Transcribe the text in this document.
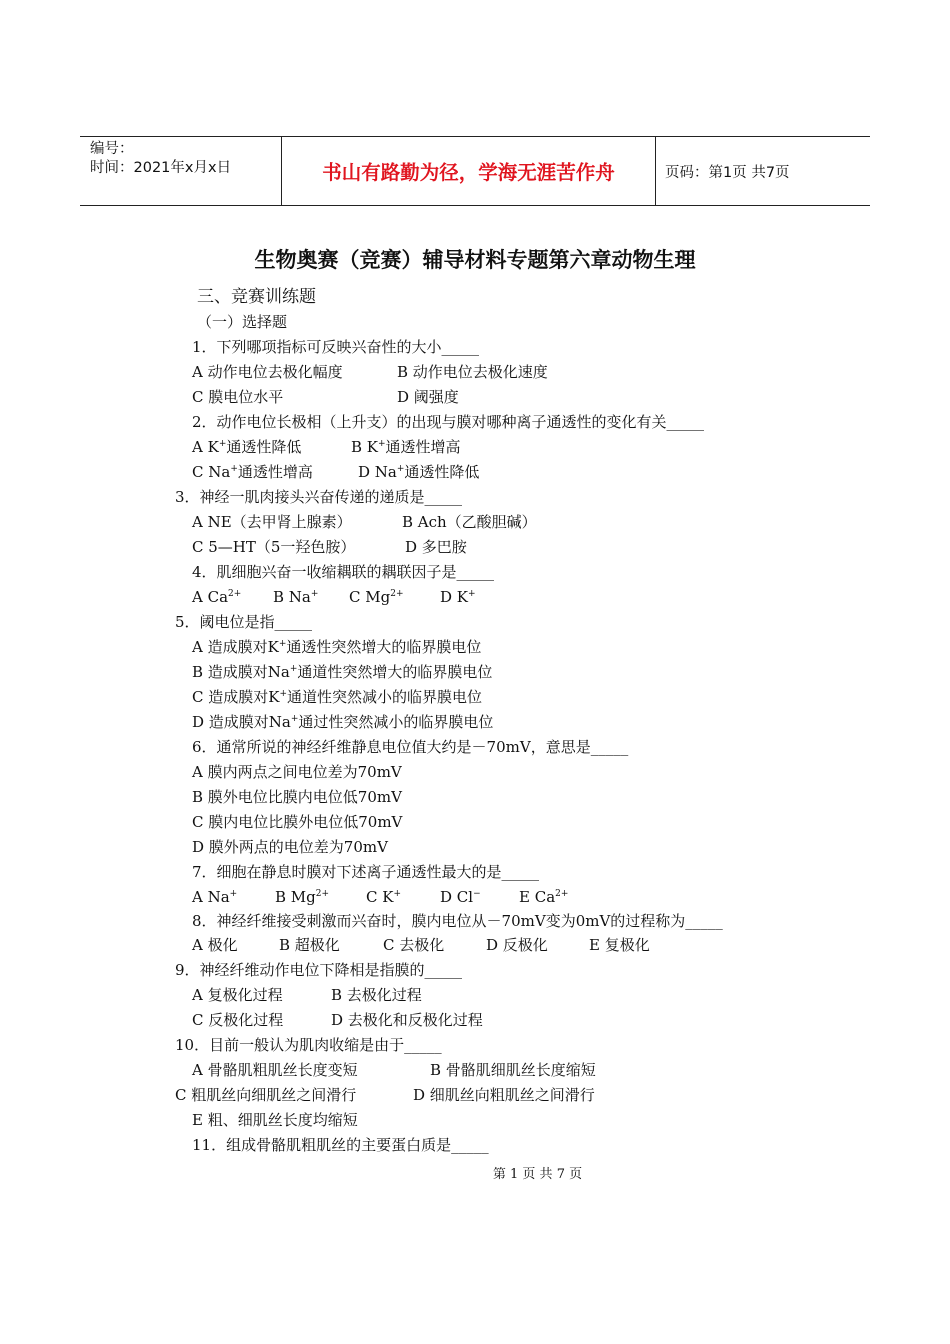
编号：
时间：2021年x月x日	书山有路勤为径，学海无涯苦作舟	页码：第1页 共7页
生物奥赛（竞赛）辅导材料专题第六章动物生理
三、竞赛训练题
（一）选择题
1．下列哪项指标可反映兴奋性的大小_____
A 动作电位去极化幅度	B 动作电位去极化速度
C 膜电位水平	D 阈强度
2．动作电位长极相（上升支）的出现与膜对哪种离子通透性的变化有关_____
A K+通透性降低	B K+通透性增高
C Na+通透性增高	D Na+通透性降低
3．神经一肌肉接头兴奋传递的递质是_____
A NE（去甲肾上腺素）	B Ach（乙酸胆碱）
C 5—HT（5一羟色胺）	D 多巴胺
4．肌细胞兴奋一收缩耦联的耦联因子是_____
A $Ca^{2+}$ B Na+ C $Mg^{2+}$ D K+
5．阈电位是指_____
A 造成膜对K+通透性突然增大的临界膜电位
B 造成膜对Na+通道性突然增大的临界膜电位
C 造成膜对K+通道性突然减小的临界膜电位
D 造成膜对Na+通过性突然减小的临界膜电位
6．通常所说的神经纤维静息电位值大约是－70mV，意思是_____
A 膜内两点之间电位差为70mV
B 膜外电位比膜内电位低70mV
C 膜内电位比膜外电位低70mV
D 膜外两点的电位差为70mV
7．细胞在静息时膜对下述离子通透性最大的是_____
A Na+	B $Mg^{2+}$ C K+	D Cl−	E $Ca^{2+}$
8．神经纤维接受刺激而兴奋时，膜内电位从－70mV变为0mV的过程称为_____
A 极化	B 超极化	C 去极化	D 反极化	E 复极化
9．神经纤维动作电位下降相是指膜的_____
A 复极化过程	B 去极化过程
C 反极化过程	D 去极化和反极化过程
10．目前一般认为肌肉收缩是由于_____
A 骨骼肌粗肌丝长度变短	B 骨骼肌细肌丝长度缩短
C 粗肌丝向细肌丝之间滑行	D 细肌丝向粗肌丝之间滑行
E 粗、细肌丝长度均缩短
11．组成骨骼肌粗肌丝的主要蛋白质是_____
第 1 页 共 7 页
